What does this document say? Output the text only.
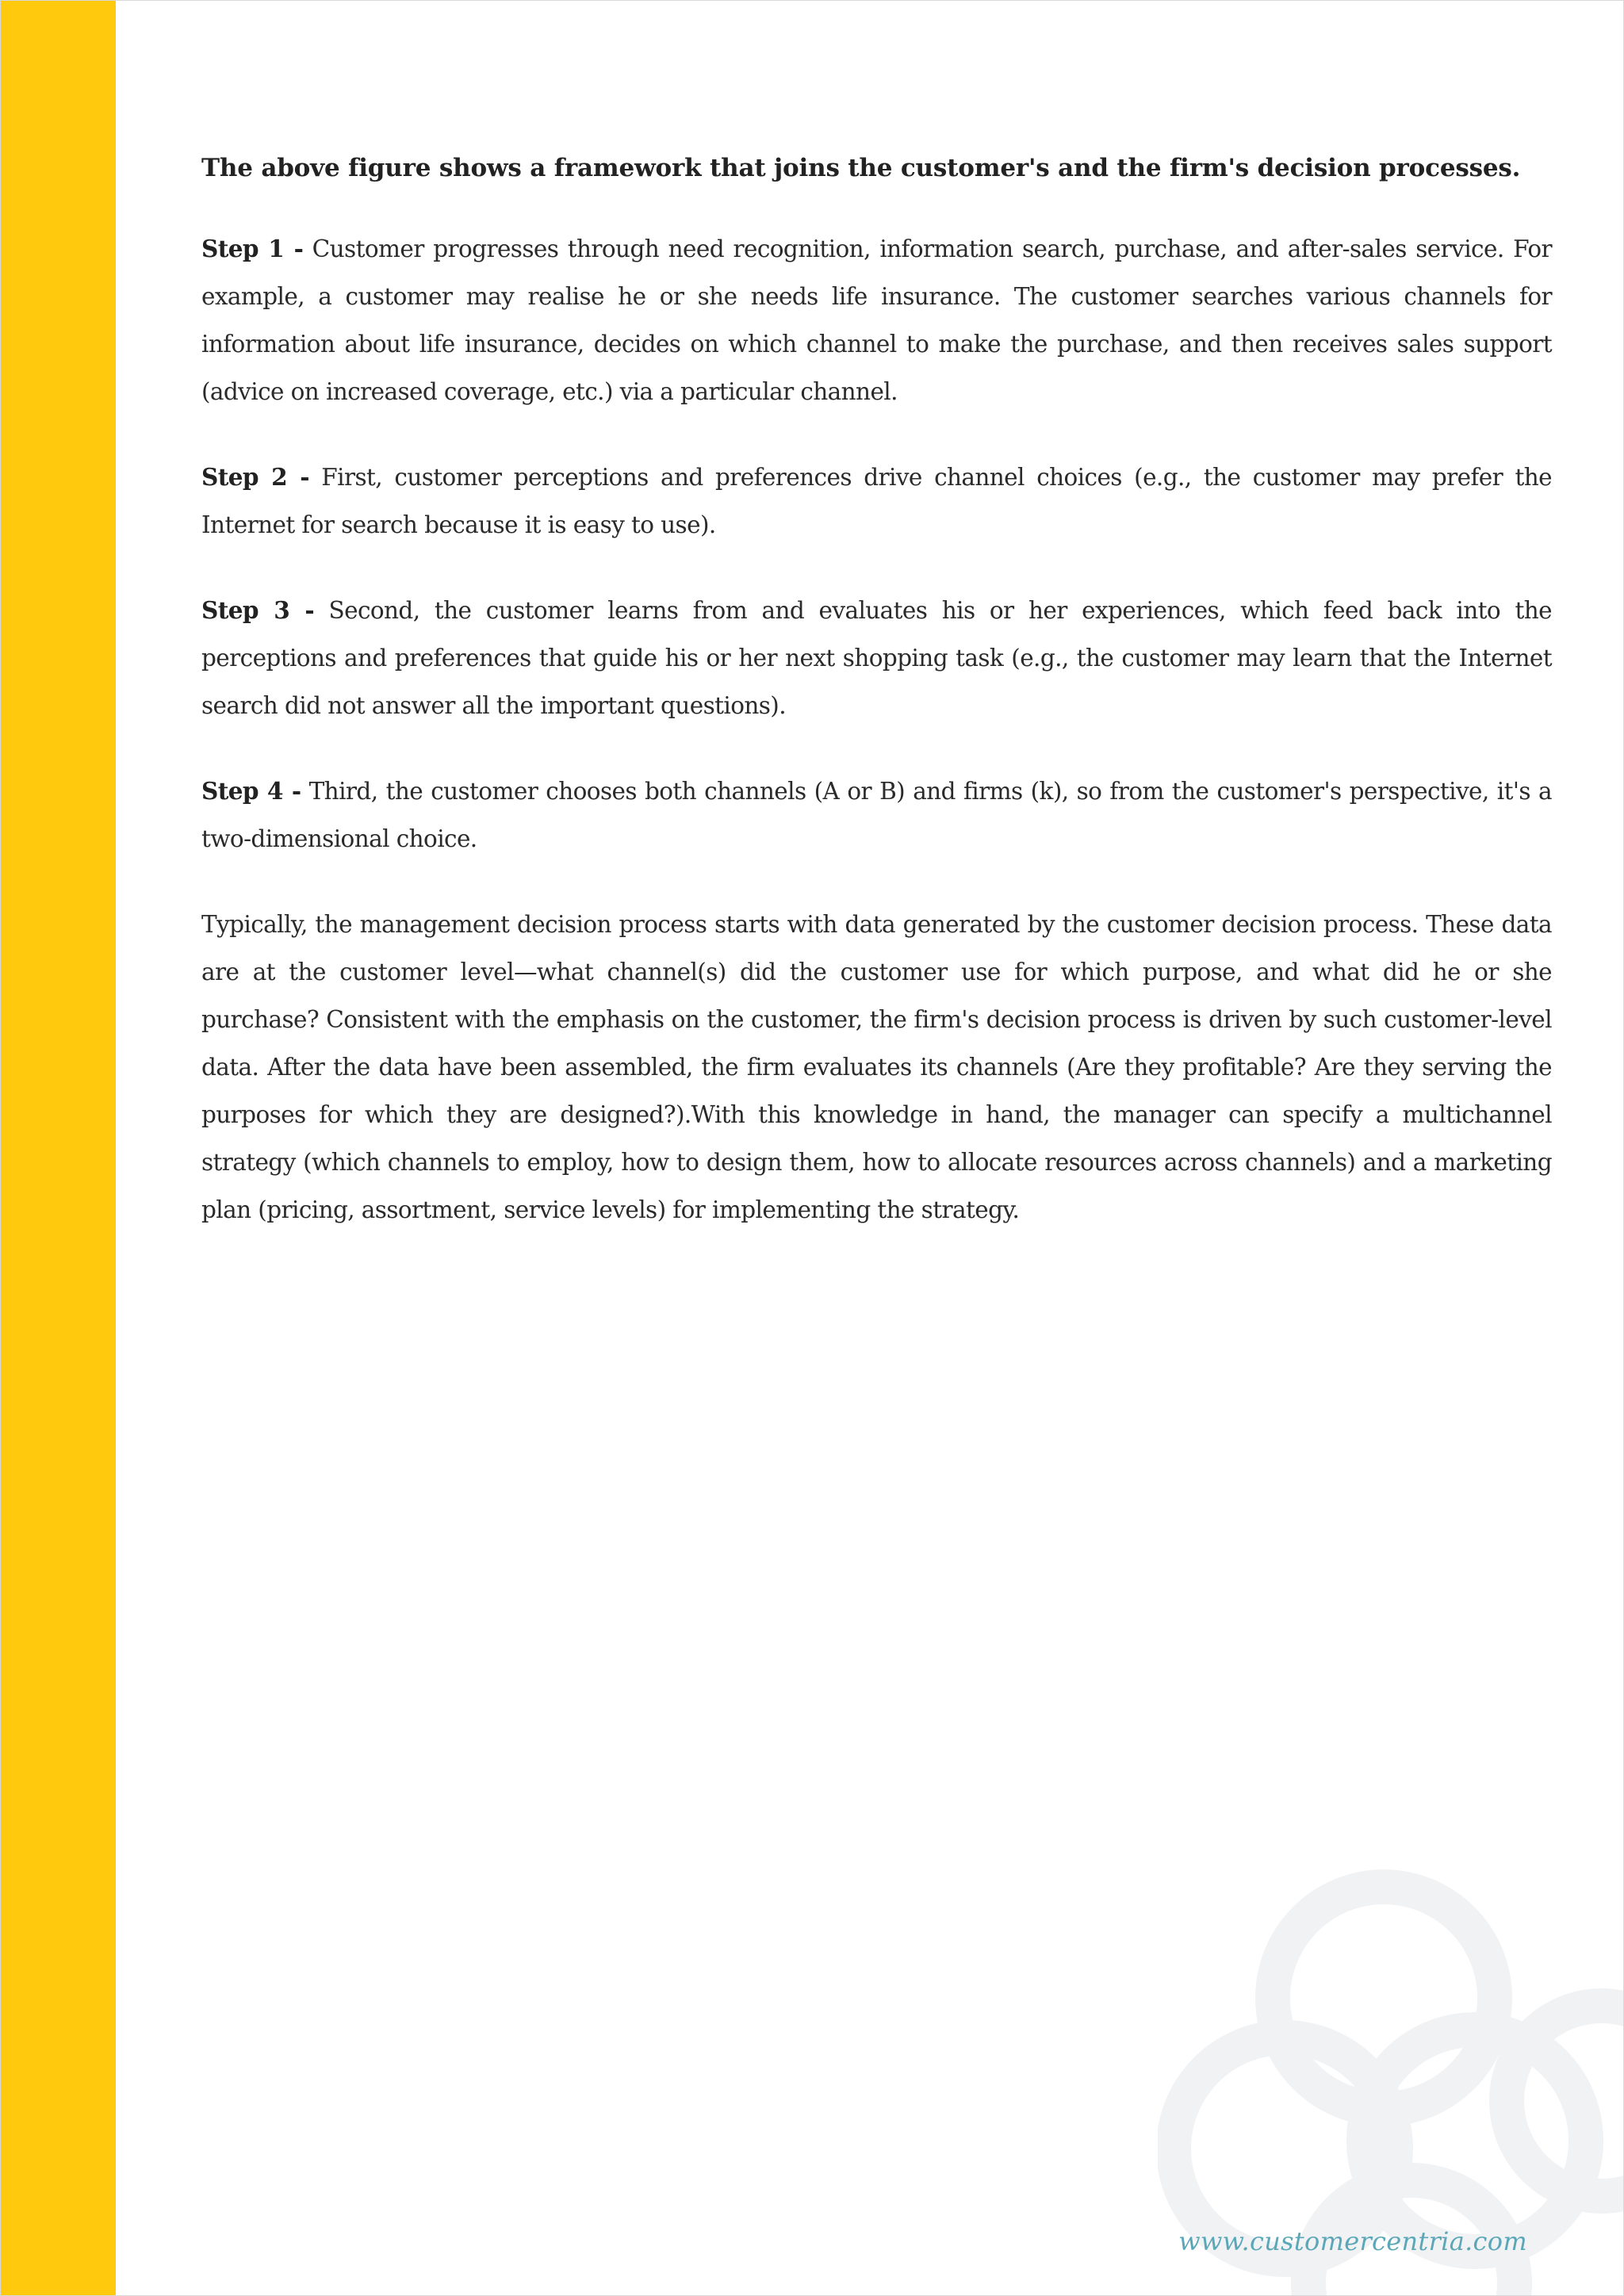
The above figure shows a framework that joins the customer's and the firm's decision processes.

Step 1 - Customer progresses through need recognition, information search, purchase, and after-sales service. For example, a customer may realise he or she needs life insurance. The customer searches various channels for information about life insurance, decides on which channel to make the purchase, and then receives sales support (advice on increased coverage, etc.) via a particular channel.

Step 2 - First, customer perceptions and preferences drive channel choices (e.g., the customer may prefer the Internet for search because it is easy to use).

Step 3 - Second, the customer learns from and evaluates his or her experiences, which feed back into the perceptions and preferences that guide his or her next shopping task (e.g., the customer may learn that the Internet search did not answer all the important questions).

Step 4 - Third, the customer chooses both channels (A or B) and firms (k), so from the customer's perspective, it's a two-dimensional choice.

Typically, the management decision process starts with data generated by the customer decision process. These data are at the customer level—what channel(s) did the customer use for which purpose, and what did he or she purchase? Consistent with the emphasis on the customer, the firm's decision process is driven by such customer-level data. After the data have been assembled, the firm evaluates its channels (Are they profitable? Are they serving the purposes for which they are designed?).With this knowledge in hand, the manager can specify a multichannel strategy (which channels to employ, how to design them, how to allocate resources across channels) and a marketing plan (pricing, assortment, service levels) for implementing the strategy.

www.customercentria.com
